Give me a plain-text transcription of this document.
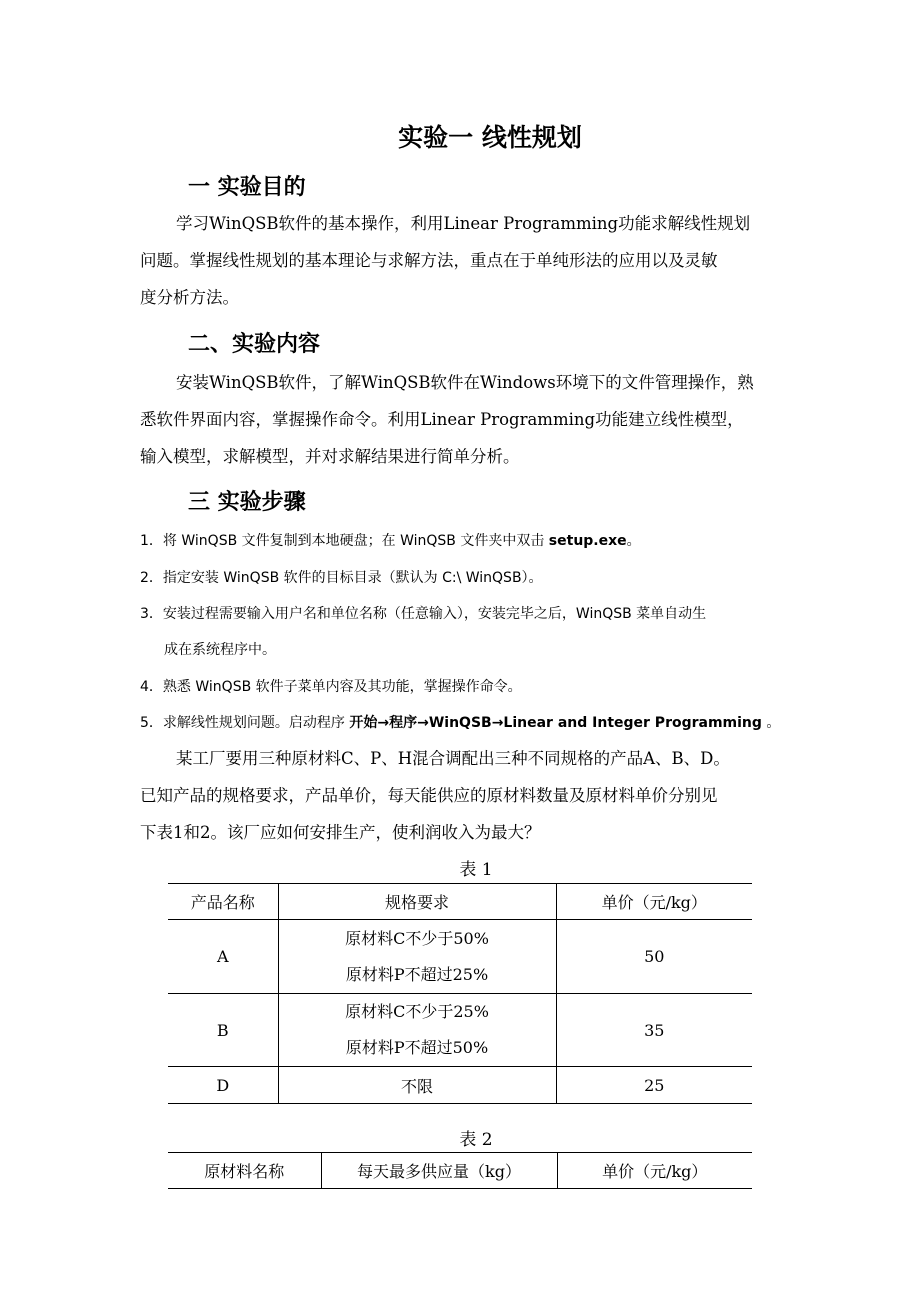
实验一 线性规划
一 实验目的
学习WinQSB软件的基本操作，利用Linear Programming功能求解线性规划
问题。掌握线性规划的基本理论与求解方法，重点在于单纯形法的应用以及灵敏
度分析方法。
二、实验内容
安装WinQSB软件，了解WinQSB软件在Windows环境下的文件管理操作，熟
悉软件界面内容，掌握操作命令。利用Linear Programming功能建立线性模型，
输入模型，求解模型，并对求解结果进行简单分析。
三 实验步骤
1．将 WinQSB 文件复制到本地硬盘；在 WinQSB 文件夹中双击 setup.exe。
2．指定安装 WinQSB 软件的目标目录（默认为 C:\ WinQSB）。
3．安装过程需要输入用户名和单位名称（任意输入），安装完毕之后，WinQSB 菜单自动生
成在系统程序中。
4．熟悉 WinQSB 软件子菜单内容及其功能，掌握操作命令。
5．求解线性规划问题。启动程序 开始→程序→WinQSB→Linear and Integer Programming 。
某工厂要用三种原材料C、P、H混合调配出三种不同规格的产品A、B、D。
已知产品的规格要求，产品单价，每天能供应的原材料数量及原材料单价分别见
下表1和2。该厂应如何安排生产，使利润收入为最大？
表 1
产品名称	规格要求	单价（元/kg）
A	原材料C不少于50%
原材料P不超过25%	50
B	原材料C不少于25%
原材料P不超过50%	35
D	不限	25
表 2
原材料名称	每天最多供应量（kg）	单价（元/kg）
